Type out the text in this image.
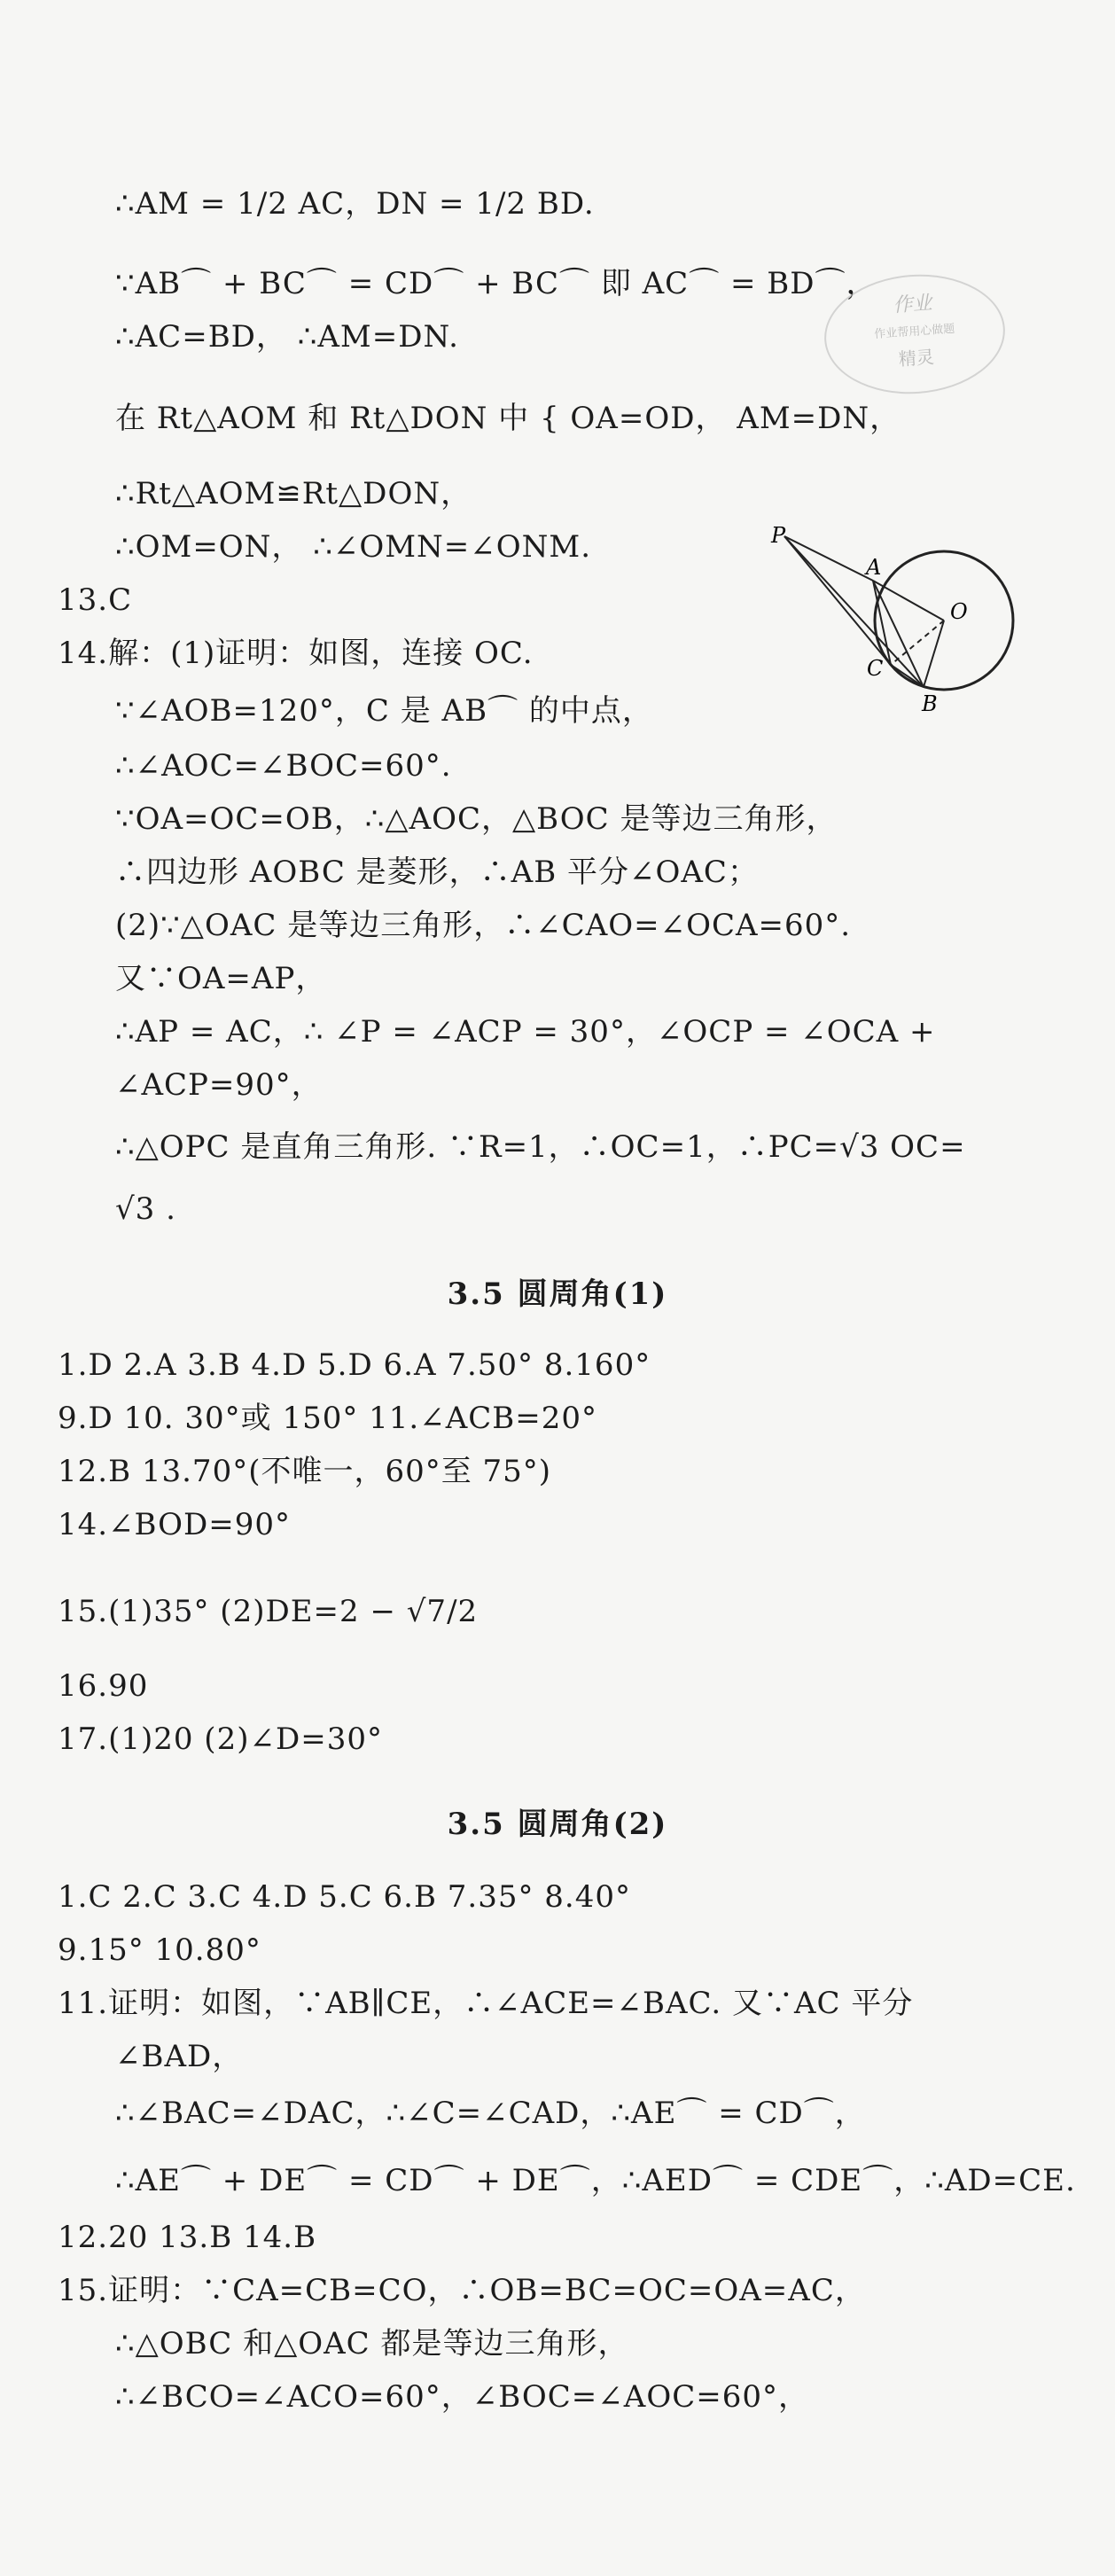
∴AM = 1/2 AC，DN = 1/2 BD.
∵AB⌒ + BC⌒ = CD⌒ + BC⌒ 即 AC⌒ = BD⌒，
∴AC=BD， ∴AM=DN.
在 Rt△AOM 和 Rt△DON 中 { OA=OD， AM=DN，
∴Rt△AOM≌Rt△DON，
∴OM=ON， ∴∠OMN=∠ONM.
13.C
14.解：(1)证明：如图，连接 OC.
∵∠AOB=120°，C 是 AB⌒ 的中点，
∴∠AOC=∠BOC=60°.
∵OA=OC=OB，∴△AOC，△BOC 是等边三角形，
∴四边形 AOBC 是菱形，∴AB 平分∠OAC；
(2)∵△OAC 是等边三角形，∴∠CAO=∠OCA=60°.
又∵OA=AP，
∴AP = AC，∴ ∠P = ∠ACP = 30°，∠OCP = ∠OCA +
∠ACP=90°，
∴△OPC 是直角三角形. ∵R=1，∴OC=1，∴PC=√3 OC=
√3 .
作业
作业帮用心做题
精灵
P
A
O
C
B
3.5 圆周角(1)
1.D 2.A 3.B 4.D 5.D 6.A 7.50° 8.160°
9.D 10. 30°或 150° 11.∠ACB=20°
12.B 13.70°(不唯一，60°至 75°)
14.∠BOD=90°
15.(1)35° (2)DE=2 − √7/2
16.90
17.(1)20 (2)∠D=30°
3.5 圆周角(2)
1.C 2.C 3.C 4.D 5.C 6.B 7.35° 8.40°
9.15° 10.80°
11.证明：如图，∵AB∥CE，∴∠ACE=∠BAC. 又∵AC 平分
∠BAD，
∴∠BAC=∠DAC，∴∠C=∠CAD，∴AE⌒ = CD⌒，
∴AE⌒ + DE⌒ = CD⌒ + DE⌒，∴AED⌒ = CDE⌒，∴AD=CE.
12.20 13.B 14.B
15.证明：∵CA=CB=CO，∴OB=BC=OC=OA=AC，
∴△OBC 和△OAC 都是等边三角形，
∴∠BCO=∠ACO=60°，∠BOC=∠AOC=60°，
